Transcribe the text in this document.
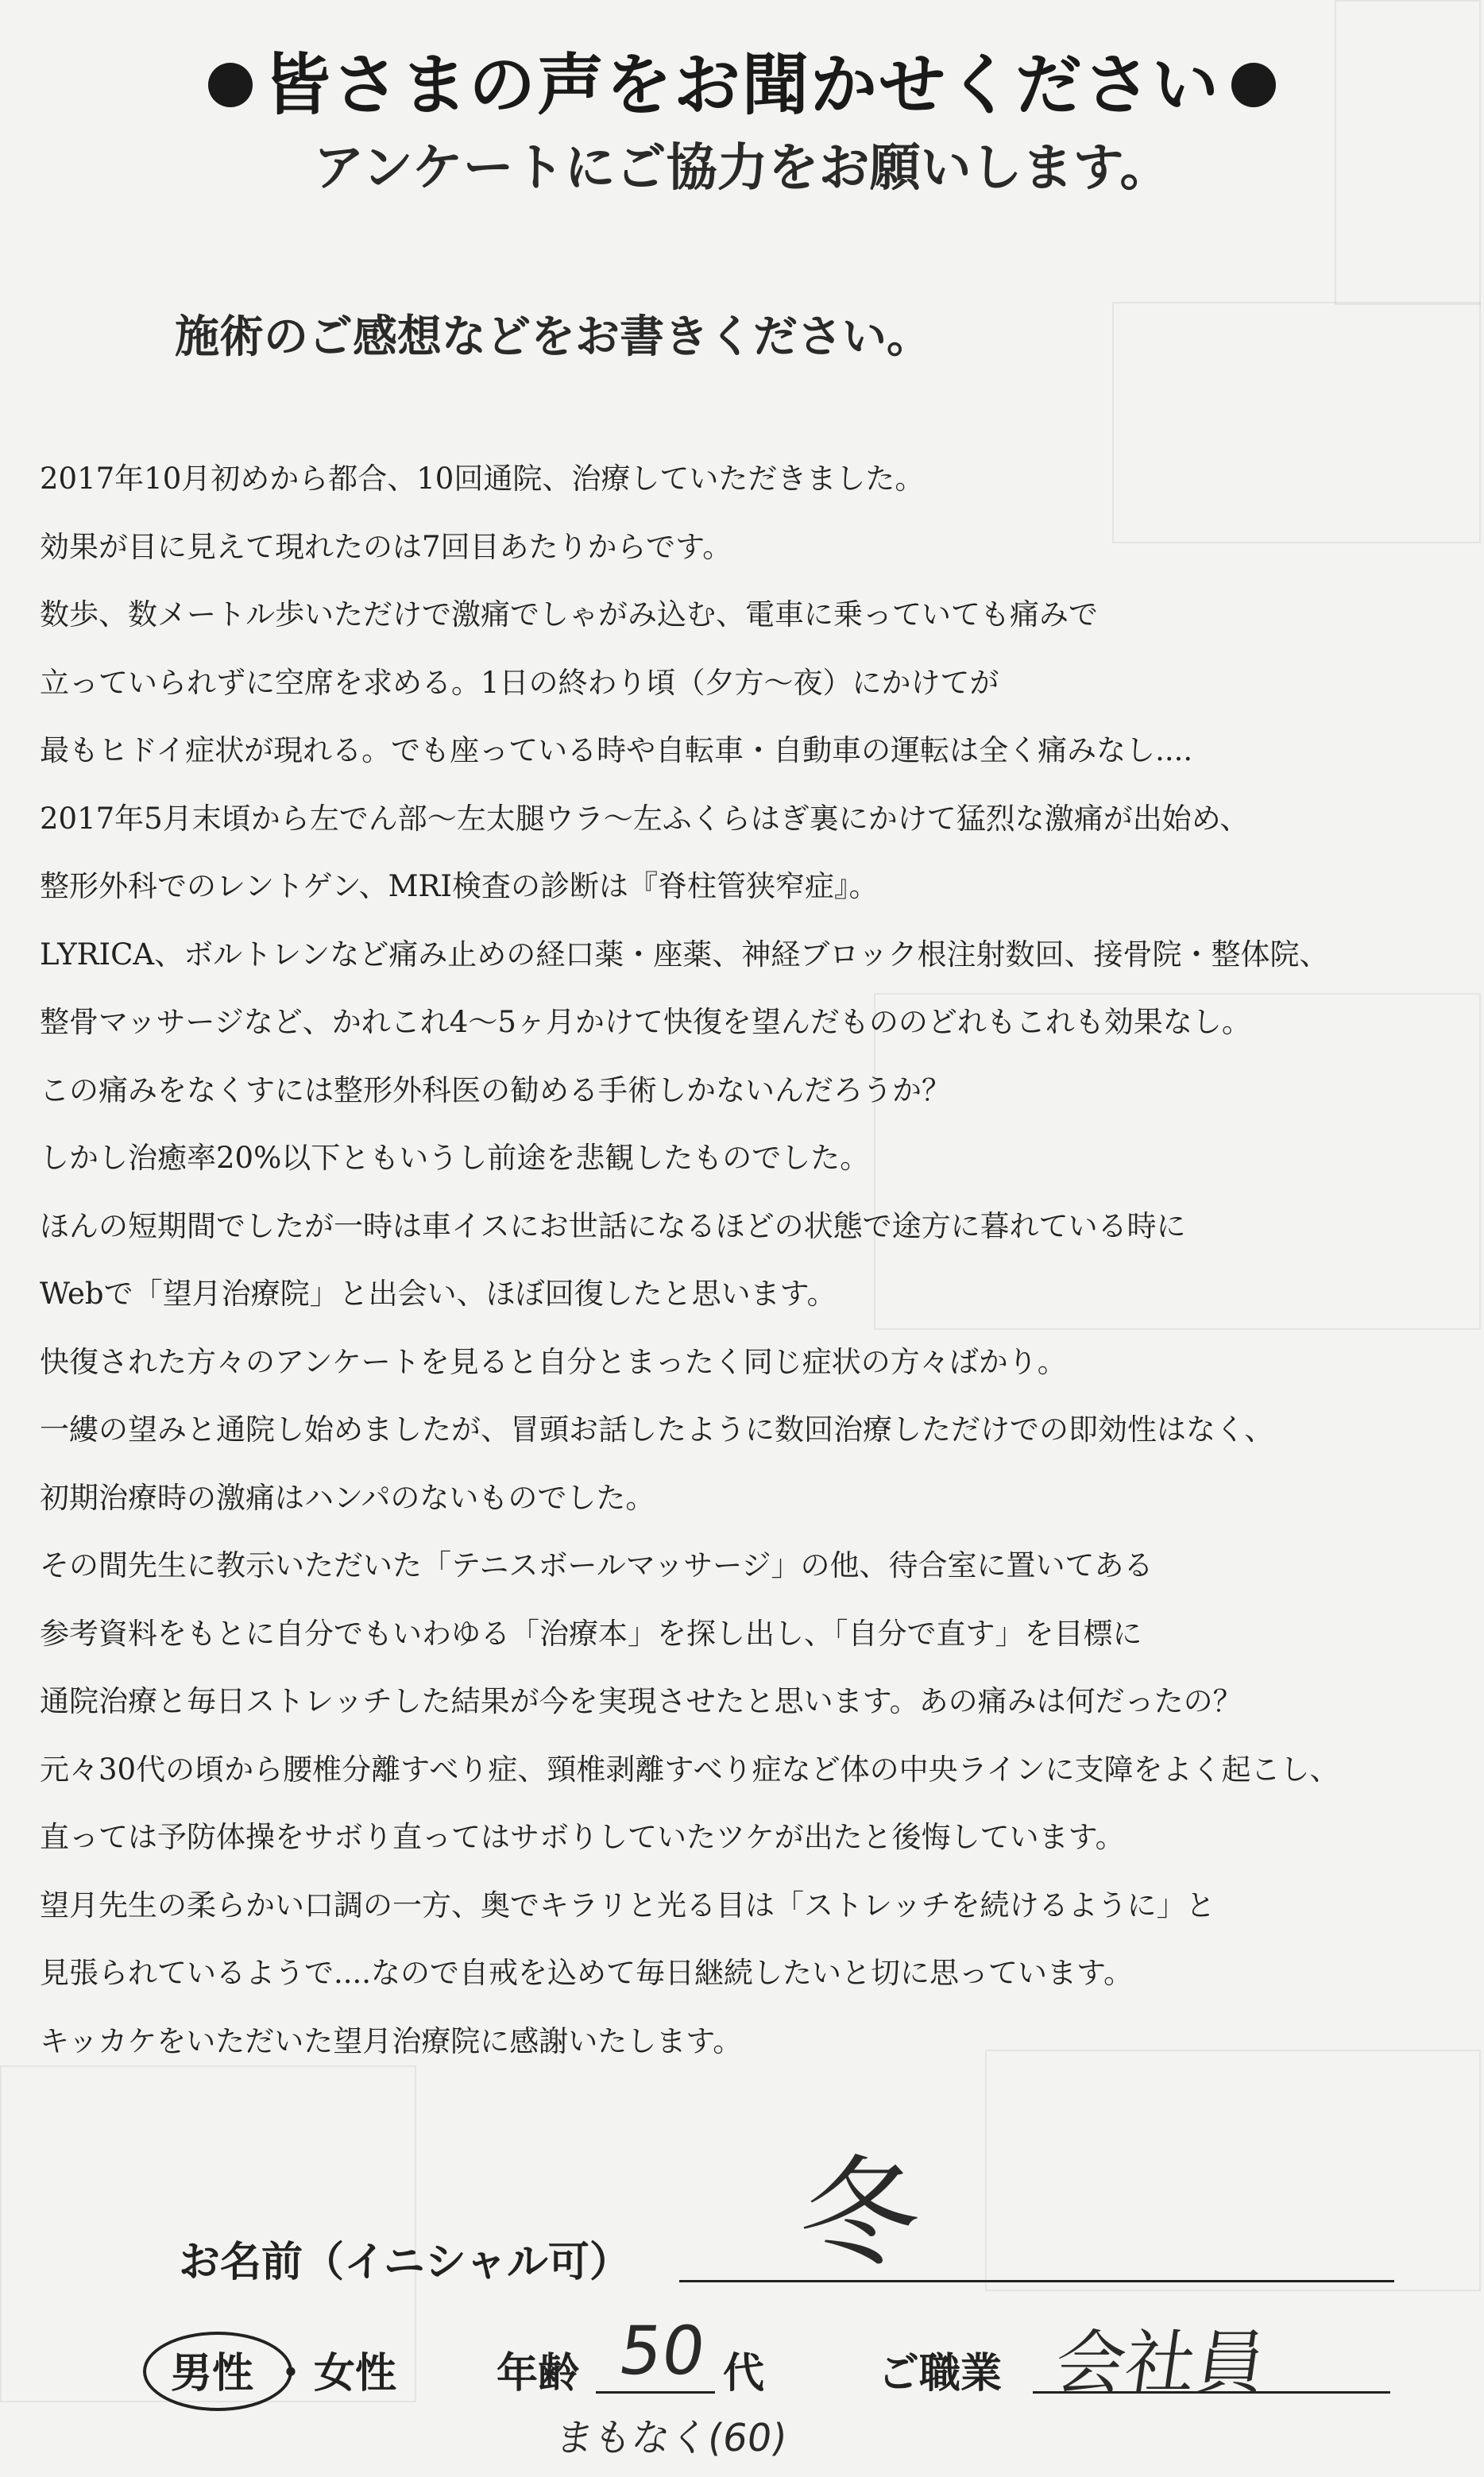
皆さまの声をお聞かせください
アンケートにご協力をお願いします。
施術のご感想などをお書きください。
2017年10月初めから都合、10回通院、治療していただきました。
効果が目に見えて現れたのは7回目あたりからです。
数歩、数メートル歩いただけで激痛でしゃがみ込む、電車に乗っていても痛みで
立っていられずに空席を求める。1日の終わり頃（夕方～夜）にかけてが
最もヒドイ症状が現れる。でも座っている時や自転車・自動車の運転は全く痛みなし....
2017年5月末頃から左でん部～左太腿ウラ～左ふくらはぎ裏にかけて猛烈な激痛が出始め、
整形外科でのレントゲン、MRI検査の診断は『脊柱管狭窄症』。
LYRICA、ボルトレンなど痛み止めの経口薬・座薬、神経ブロック根注射数回、接骨院・整体院、
整骨マッサージなど、かれこれ4～5ヶ月かけて快復を望んだもののどれもこれも効果なし。
この痛みをなくすには整形外科医の勧める手術しかないんだろうか？
しかし治癒率20%以下ともいうし前途を悲観したものでした。
ほんの短期間でしたが一時は車イスにお世話になるほどの状態で途方に暮れている時に
Webで「望月治療院」と出会い、ほぼ回復したと思います。
快復された方々のアンケートを見ると自分とまったく同じ症状の方々ばかり。
一縷の望みと通院し始めましたが、冒頭お話したように数回治療しただけでの即効性はなく、
初期治療時の激痛はハンパのないものでした。
その間先生に教示いただいた「テニスボールマッサージ」の他、待合室に置いてある
参考資料をもとに自分でもいわゆる「治療本」を探し出し、「自分で直す」を目標に
通院治療と毎日ストレッチした結果が今を実現させたと思います。あの痛みは何だったの？
元々30代の頃から腰椎分離すべり症、頸椎剥離すべり症など体の中央ラインに支障をよく起こし、
直っては予防体操をサボり直ってはサボりしていたツケが出たと後悔しています。
望月先生の柔らかい口調の一方、奥でキラリと光る目は「ストレッチを続けるように」と
見張られているようで....なので自戒を込めて毎日継続したいと切に思っています。
キッカケをいただいた望月治療院に感謝いたします。
お名前（イニシャル可） 冬
男性 ・ 女性 年齢 50 代
まもなく(60)
ご職業 会社員
